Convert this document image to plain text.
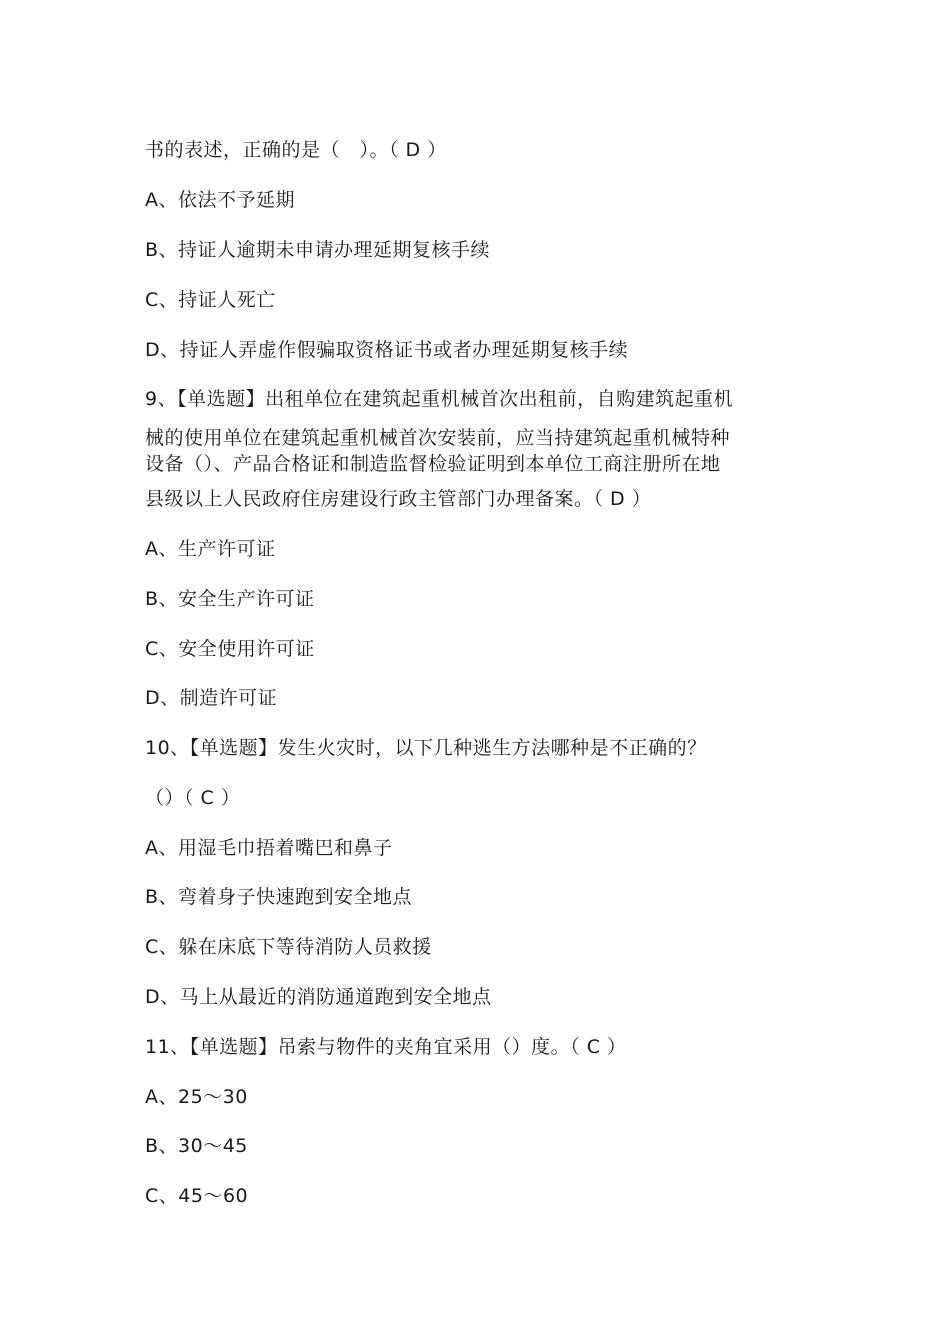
书的表述，正确的是（　）。（ D ）
A、依法不予延期
B、持证人逾期未申请办理延期复核手续
C、持证人死亡
D、持证人弄虚作假骗取资格证书或者办理延期复核手续
9、【单选题】出租单位在建筑起重机械首次出租前，自购建筑起重机
械的使用单位在建筑起重机械首次安装前，应当持建筑起重机械特种
设备（）、产品合格证和制造监督检验证明到本单位工商注册所在地
县级以上人民政府住房建设行政主管部门办理备案。（ D ）
A、生产许可证
B、安全生产许可证
C、安全使用许可证
D、制造许可证
10、【单选题】发生火灾时，以下几种逃生方法哪种是不正确的？
（）（ C ）
A、用湿毛巾捂着嘴巴和鼻子
B、弯着身子快速跑到安全地点
C、躲在床底下等待消防人员救援
D、马上从最近的消防通道跑到安全地点
11、【单选题】吊索与物件的夹角宜采用（）度。（ C ）
A、25～30
B、30～45
C、45～60
